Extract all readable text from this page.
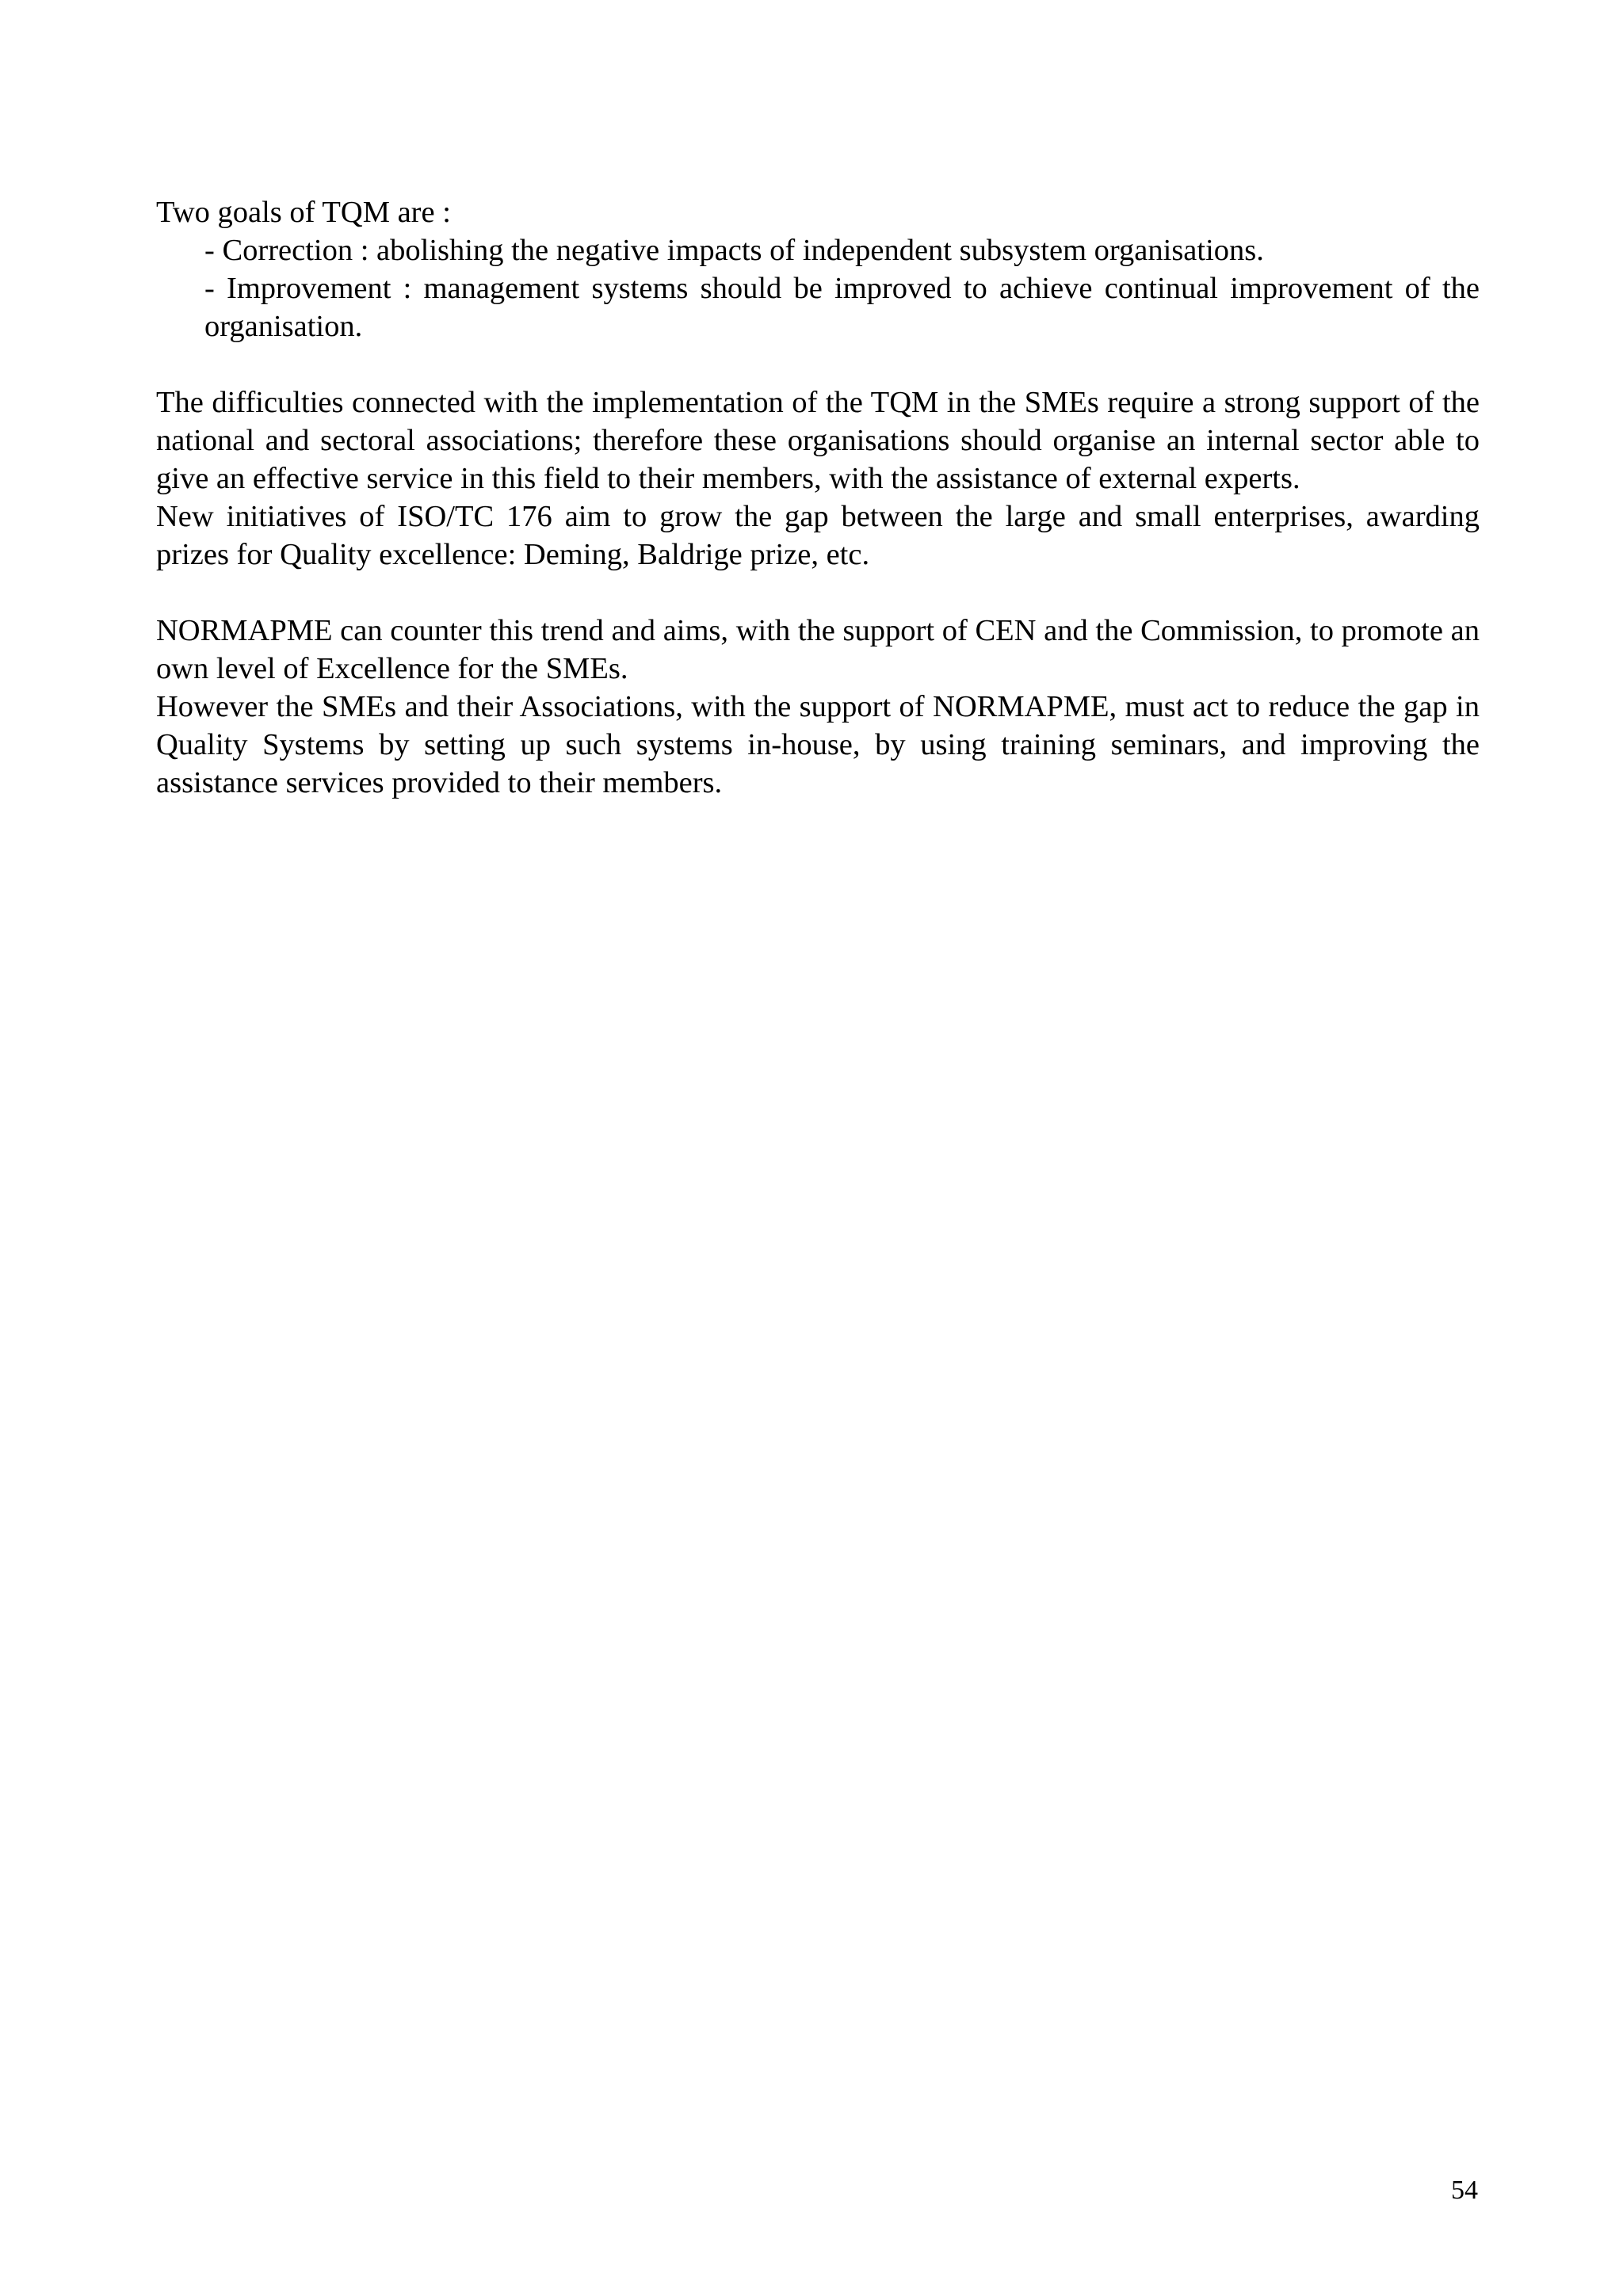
Two goals of TQM are :

- Correction : abolishing the negative impacts of independent subsystem organisations.

- Improvement : management systems should be improved to achieve continual improvement of the organisation.

The difficulties connected with the implementation of the TQM in the SMEs require a strong support of the national and sectoral associations; therefore these organisations should organise an internal sector able to give an effective service in this field to their members, with the assistance of external experts.

New initiatives of ISO/TC 176 aim to grow the gap between the large and small enterprises, awarding prizes for Quality excellence: Deming, Baldrige prize, etc.

NORMAPME can counter this trend and aims, with the support of CEN and the Commission, to promote an own level of Excellence for the SMEs.

However the SMEs and their Associations, with the support of NORMAPME, must act to reduce the gap in Quality Systems by setting up such systems in-house, by using training seminars, and improving the assistance services provided to their members.

54
